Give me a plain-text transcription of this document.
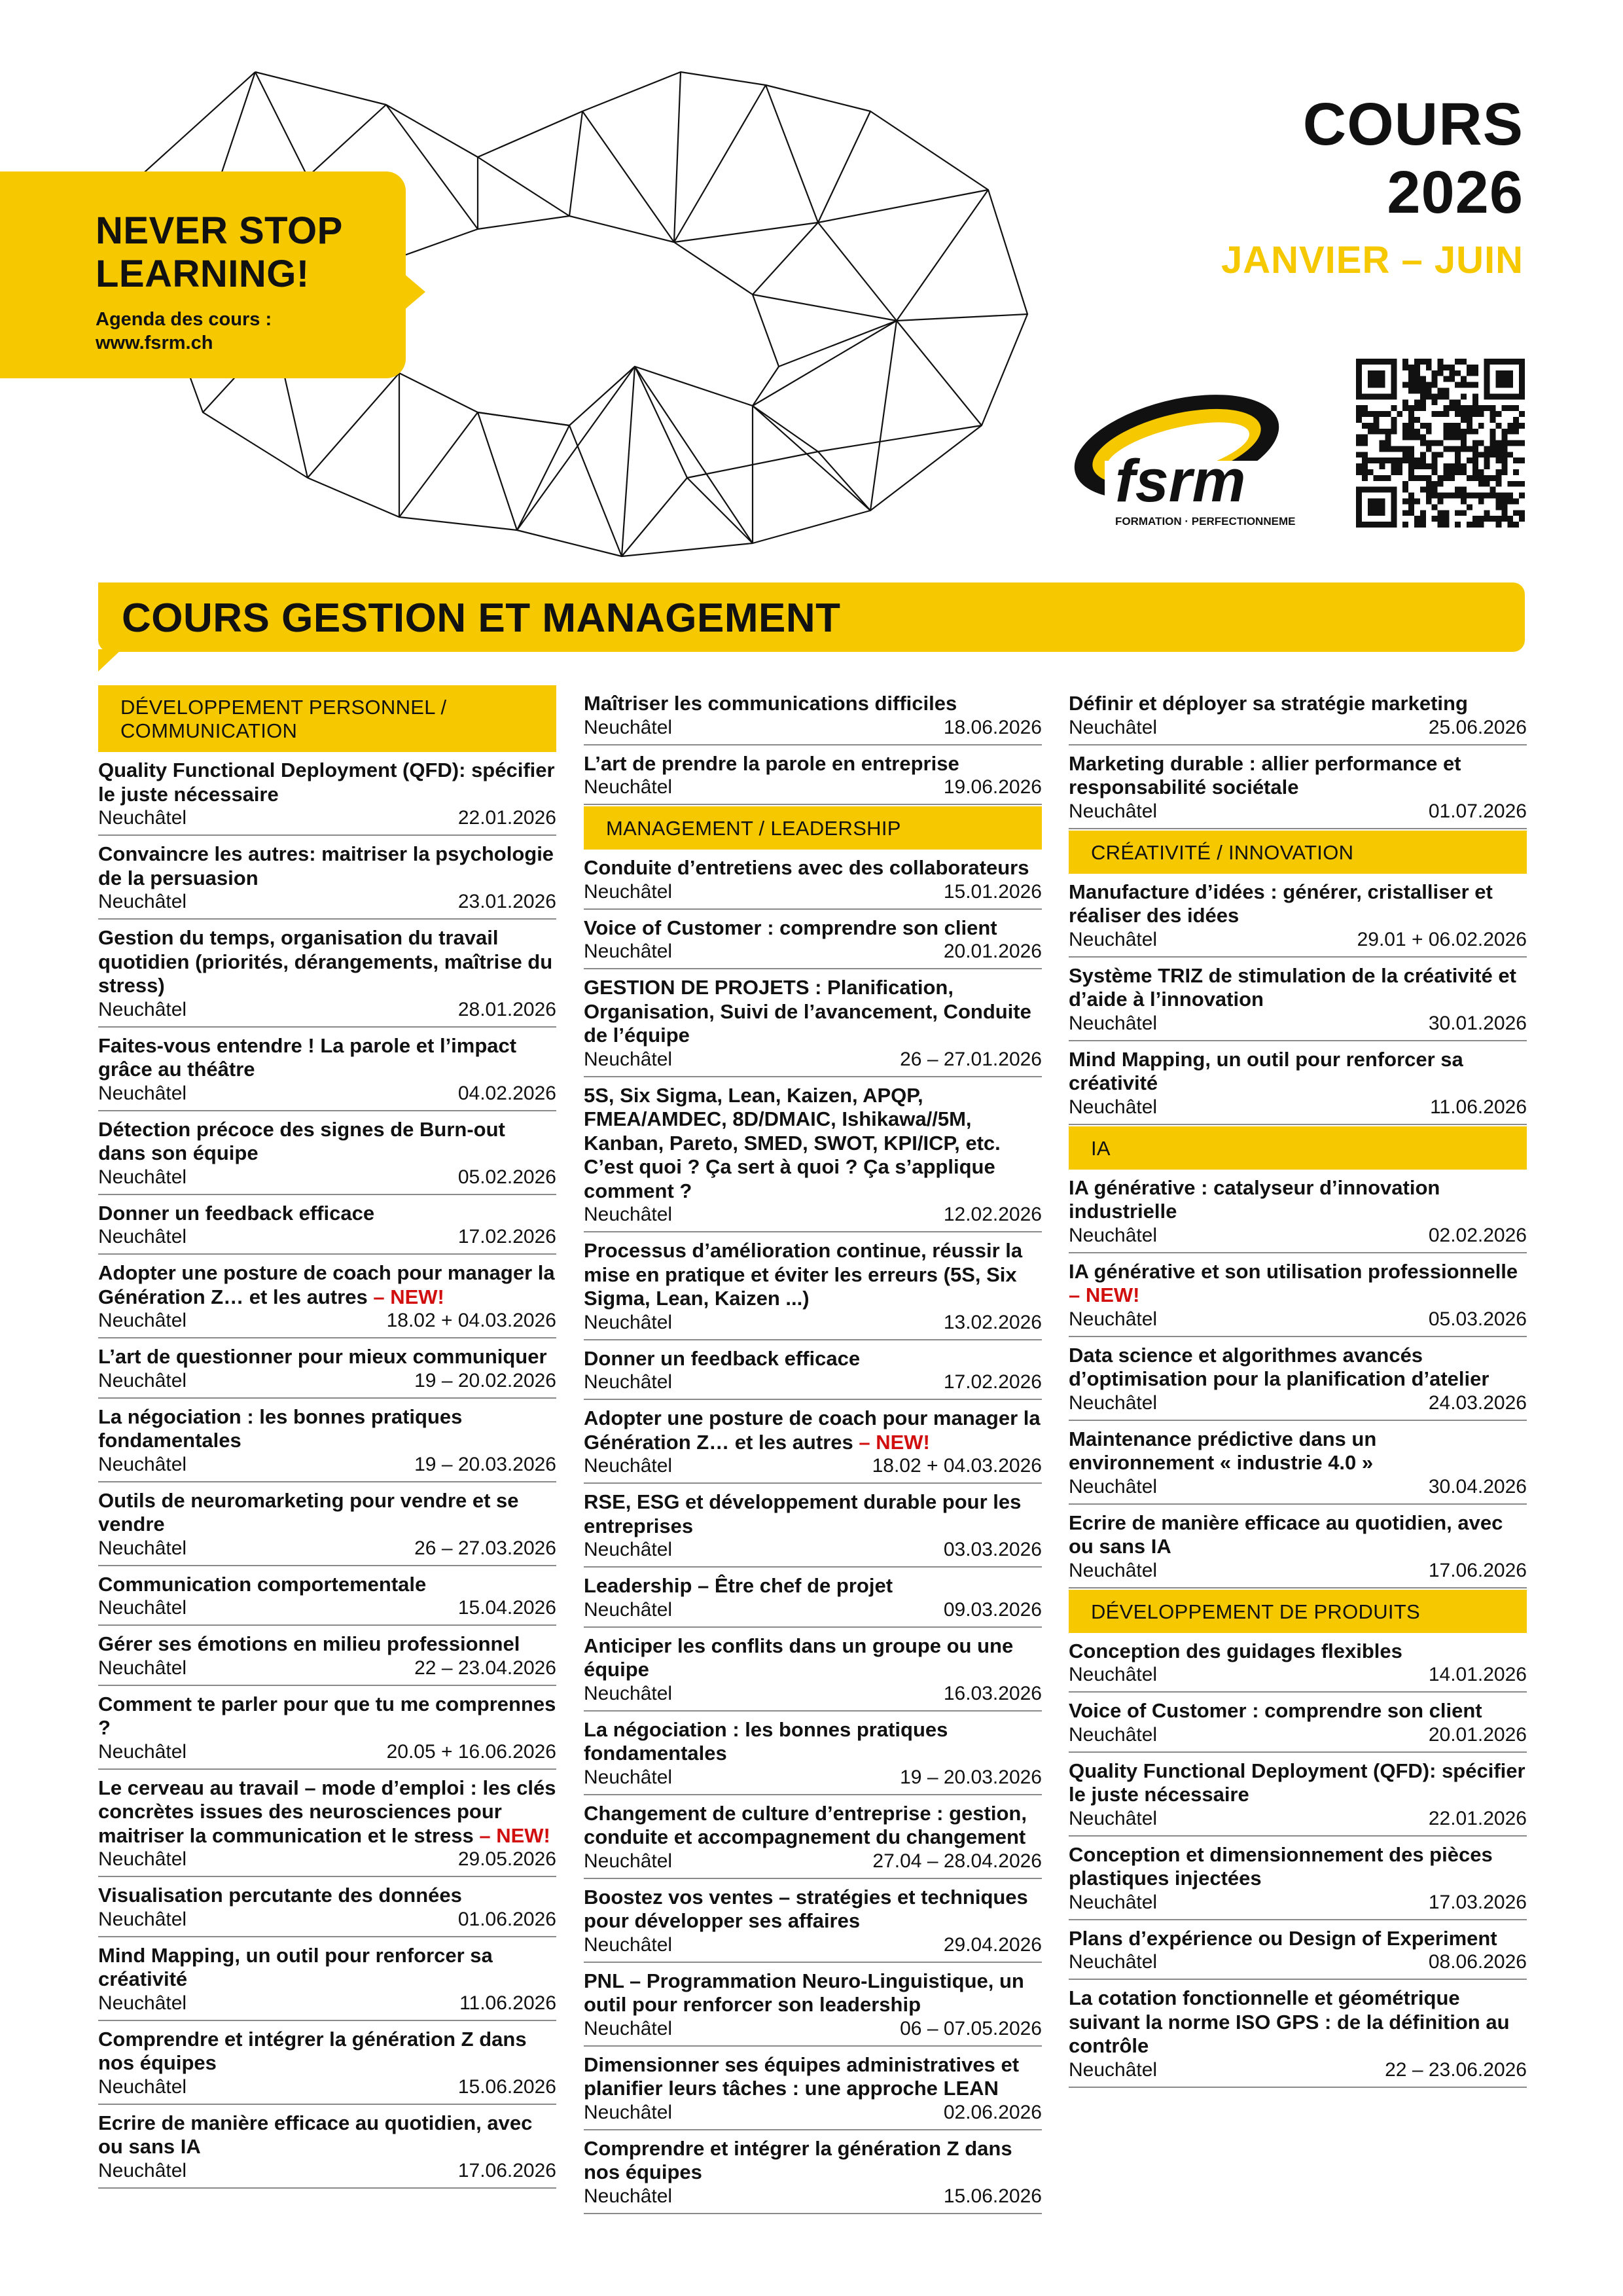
NEVER STOP
LEARNING!
Agenda des cours :
www.fsrm.ch
COURS
2026
JANVIER – JUIN
fsrm
FORMATION · PERFECTIONNEMENT
COURS GESTION ET MANAGEMENT
DÉVELOPPEMENT PERSONNEL / COMMUNICATION
Quality Functional Deployment (QFD): spécifier le juste nécessaire
Neuchâtel	22.01.2026
Convaincre les autres: maitriser la psychologie de la persuasion
Neuchâtel	23.01.2026
Gestion du temps, organisation du travail quotidien (priorités, dérangements, maîtrise du stress)
Neuchâtel	28.01.2026
Faites-vous entendre ! La parole et l’impact grâce au théâtre
Neuchâtel	04.02.2026
Détection précoce des signes de Burn-out dans son équipe
Neuchâtel	05.02.2026
Donner un feedback efficace
Neuchâtel	17.02.2026
Adopter une posture de coach pour manager la Génération Z… et les autres – NEW!
Neuchâtel	18.02 + 04.03.2026
L’art de questionner pour mieux communiquer
Neuchâtel	19 – 20.02.2026
La négociation : les bonnes pratiques fondamentales
Neuchâtel	19 – 20.03.2026
Outils de neuromarketing pour vendre et se vendre
Neuchâtel	26 – 27.03.2026
Communication comportementale
Neuchâtel	15.04.2026
Gérer ses émotions en milieu professionnel
Neuchâtel	22 – 23.04.2026
Comment te parler pour que tu me comprennes ?
Neuchâtel	20.05 + 16.06.2026
Le cerveau au travail – mode d’emploi : les clés concrètes issues des neurosciences pour maitriser la communication et le stress – NEW!
Neuchâtel	29.05.2026
Visualisation percutante des données
Neuchâtel	01.06.2026
Mind Mapping, un outil pour renforcer sa créativité
Neuchâtel	11.06.2026
Comprendre et intégrer la génération Z dans nos équipes
Neuchâtel	15.06.2026
Ecrire de manière efficace au quotidien, avec ou sans IA
Neuchâtel	17.06.2026
Maîtriser les communications difficiles
Neuchâtel	18.06.2026
L’art de prendre la parole en entreprise
Neuchâtel	19.06.2026
MANAGEMENT / LEADERSHIP
Conduite d’entretiens avec des collaborateurs
Neuchâtel	15.01.2026
Voice of Customer : comprendre son client
Neuchâtel	20.01.2026
GESTION DE PROJETS : Planification, Organisation, Suivi de l’avancement, Conduite de l’équipe
Neuchâtel	26 – 27.01.2026
5S, Six Sigma, Lean, Kaizen, APQP, FMEA/AMDEC, 8D/DMAIC, Ishikawa//5M, Kanban, Pareto, SMED, SWOT, KPI/ICP, etc. C’est quoi ? Ça sert à quoi ? Ça s’applique comment ?
Neuchâtel	12.02.2026
Processus d’amélioration continue, réussir la mise en pratique et éviter les erreurs (5S, Six Sigma, Lean, Kaizen ...)
Neuchâtel	13.02.2026
Donner un feedback efficace
Neuchâtel	17.02.2026
Adopter une posture de coach pour manager la Génération Z… et les autres – NEW!
Neuchâtel	18.02 + 04.03.2026
RSE, ESG et développement durable pour les entreprises
Neuchâtel	03.03.2026
Leadership – Être chef de projet
Neuchâtel	09.03.2026
Anticiper les conflits dans un groupe ou une équipe
Neuchâtel	16.03.2026
La négociation : les bonnes pratiques fondamentales
Neuchâtel	19 – 20.03.2026
Changement de culture d’entreprise : gestion, conduite et accompagnement du changement
Neuchâtel	27.04 – 28.04.2026
Boostez vos ventes – stratégies et techniques pour développer ses affaires
Neuchâtel	29.04.2026
PNL – Programmation Neuro-Linguistique, un outil pour renforcer son leadership
Neuchâtel	06 – 07.05.2026
Dimensionner ses équipes administratives et planifier leurs tâches : une approche LEAN
Neuchâtel	02.06.2026
Comprendre et intégrer la génération Z dans nos équipes
Neuchâtel	15.06.2026
Définir et déployer sa stratégie marketing
Neuchâtel	25.06.2026
Marketing durable : allier performance et responsabilité sociétale
Neuchâtel	01.07.2026
CRÉATIVITÉ / INNOVATION
Manufacture d’idées : générer, cristalliser et réaliser des idées
Neuchâtel	29.01 + 06.02.2026
Système TRIZ de stimulation de la créativité et d’aide à l’innovation
Neuchâtel	30.01.2026
Mind Mapping, un outil pour renforcer sa créativité
Neuchâtel	11.06.2026
IA
IA générative : catalyseur d’innovation industrielle
Neuchâtel	02.02.2026
IA générative et son utilisation professionnelle – NEW!
Neuchâtel	05.03.2026
Data science et algorithmes avancés d’optimisation pour la planification d’atelier
Neuchâtel	24.03.2026
Maintenance prédictive dans un environnement « industrie 4.0 »
Neuchâtel	30.04.2026
Ecrire de manière efficace au quotidien, avec ou sans IA
Neuchâtel	17.06.2026
DÉVELOPPEMENT DE PRODUITS
Conception des guidages flexibles
Neuchâtel	14.01.2026
Voice of Customer : comprendre son client
Neuchâtel	20.01.2026
Quality Functional Deployment (QFD): spécifier le juste nécessaire
Neuchâtel	22.01.2026
Conception et dimensionnement des pièces plastiques injectées
Neuchâtel	17.03.2026
Plans d’expérience ou Design of Experiment
Neuchâtel	08.06.2026
La cotation fonctionnelle et géométrique suivant la norme ISO GPS : de la définition au contrôle
Neuchâtel	22 – 23.06.2026
